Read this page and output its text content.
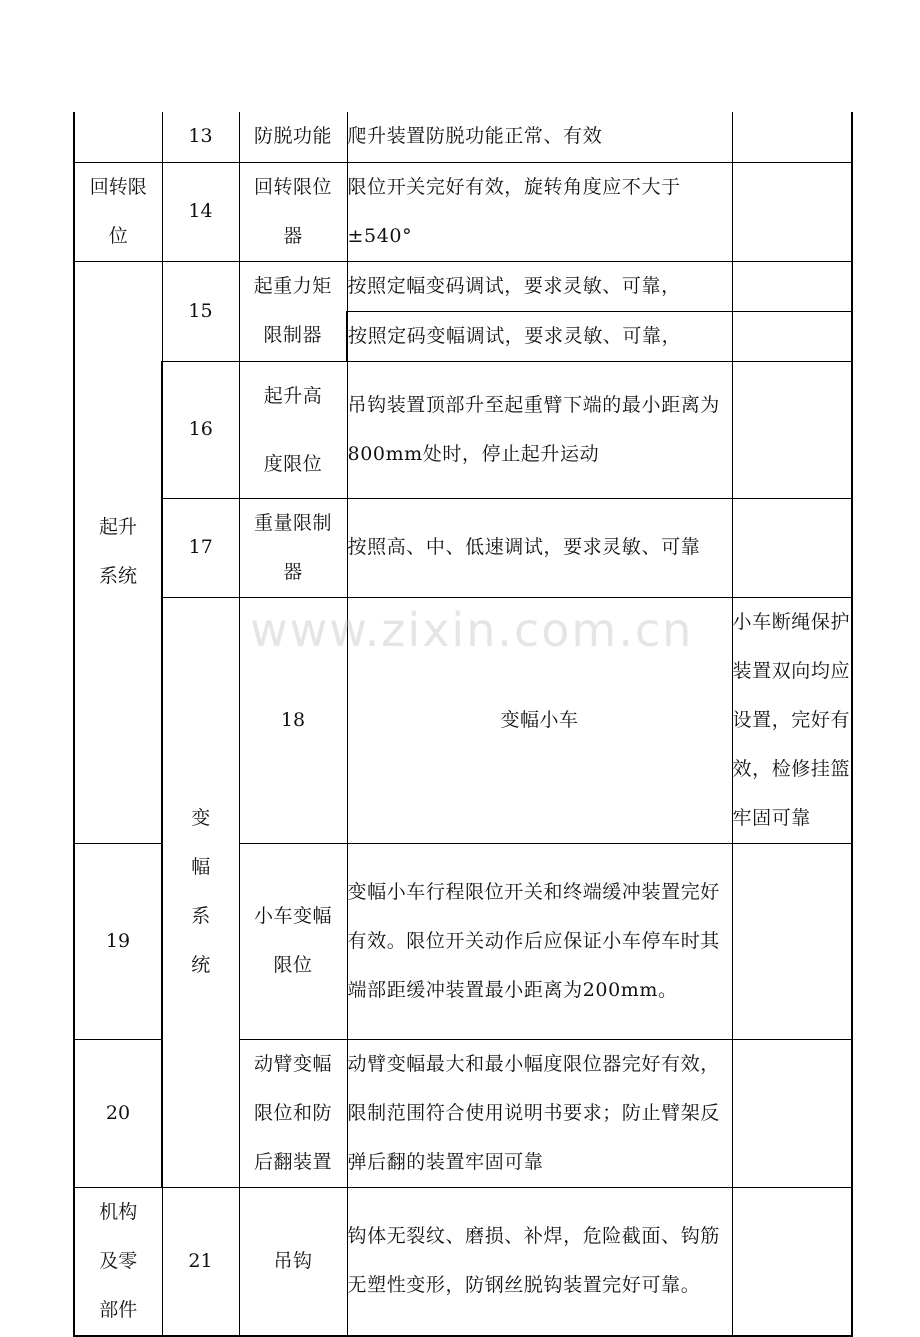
	13	防脱功能	爬升装置防脱功能正常、有效		
回转限位	14	回转限位器	限位开关完好有效，旋转角度应不大于±540°		
起升系统	15	起重力矩限制器	按照定幅变码调试，要求灵敏、可靠，		
			按照定码变幅调试，要求灵敏、可靠，		
	16	起升高度限位	吊钩装置顶部升至起重臂下端的最小距离为800mm处时，停止起升运动		
	17	重量限制器	按照高、中、低速调试，要求灵敏、可靠		
	变幅系统	18	变幅小车	小车断绳保护装置双向均应设置，完好有效，检修挂篮牢固可靠	
19		小车变幅限位	变幅小车行程限位开关和终端缓冲装置完好有效。限位开关动作后应保证小车停车时其端部距缓冲装置最小距离为200mm。		
20		动臂变幅限位和防后翻装置	动臂变幅最大和最小幅度限位器完好有效，限制范围符合使用说明书要求；防止臂架反弹后翻的装置牢固可靠		
机构及零部件	21	吊钩	钩体无裂纹、磨损、补焊，危险截面、钩筋无塑性变形，防钢丝脱钩装置完好可靠。		
www.zixin.com.cn
